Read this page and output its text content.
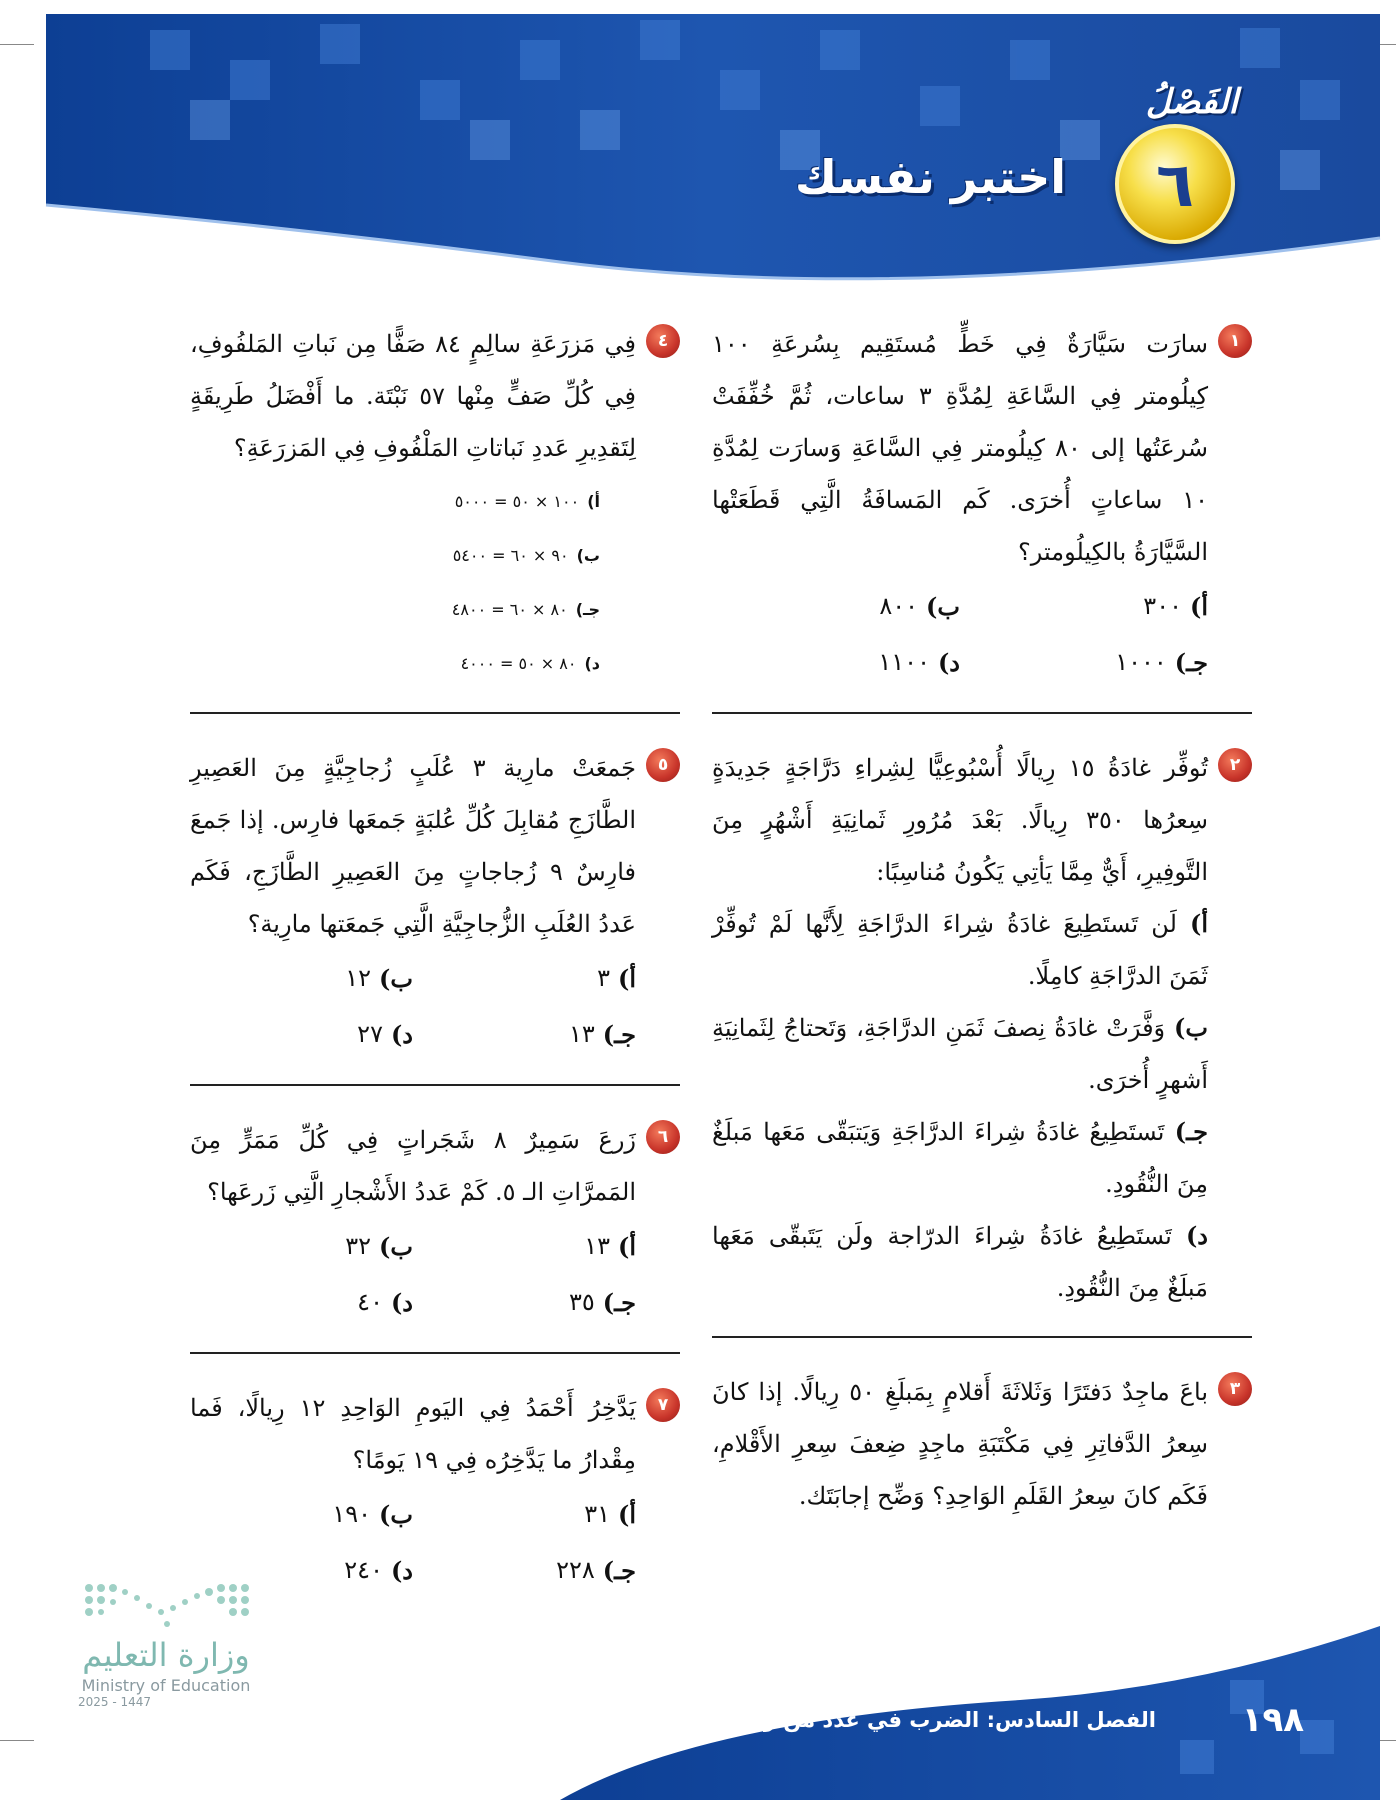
الفَصْلُ
٦
اختبر نفسك
١
سارَت سَيَّارَةٌ فِي خَطٍّ مُستَقِيم بِسُرعَةِ ١٠٠ كِيلُومتر فِي السَّاعَةِ لِمُدَّةِ ٣ ساعات، ثُمَّ خُفِّفَتْ سُرعَتُها إلى ٨٠ كِيلُومتر فِي السَّاعَةِ وَسارَت لِمُدَّةِ ١٠ ساعاتٍ أُخرَى. كَم المَسافَةُ الَّتِي قَطَعَتْها السَّيَّارَةُ بالكِيلُومتر؟
أ)
٣٠٠
ب)
٨٠٠
جـ)
١٠٠٠
د)
١١٠٠
٢
تُوفِّر غادَةُ ١٥ رِيالًا أُسْبُوعِيًّا لِشِراءِ دَرَّاجَةٍ جَدِيدَةٍ سِعرُها ٣٥٠ رِيالًا. بَعْدَ مُرُورِ ثَمانِيَةِ أَشْهُرٍ مِنَ التَّوفِيرِ، أَيٌّ مِمَّا يَأتِي يَكُونُ مُناسِبًا:
أ) لَن تَستَطِيعَ غادَةُ شِراءَ الدرَّاجَةِ لِأَنَّها لَمْ تُوفِّرْ ثَمَنَ الدرَّاجَةِ كامِلًا.
ب) وَفَّرَتْ غادَةُ نِصفَ ثَمَنِ الدرَّاجَةِ، وَتَحتاجُ لِثَمانِيَةِ أَشهرٍ أُخرَى.
جـ) تَستَطِيعُ غادَةُ شِراءَ الدرَّاجَةِ وَيَتبَقّى مَعَها مَبلَغٌ مِنَ النُّقُودِ.
د) تَستَطِيعُ غادَةُ شِراءَ الدرّاجة ولَن يَتَبقّى مَعَها مَبلَغٌ مِنَ النُّقُودِ.
٣
باعَ ماجِدٌ دَفتَرًا وَثَلاثَةَ أَقلامٍ بِمَبلَغِ ٥٠ رِيالًا. إذا كانَ سِعرُ الدَّفاتِرِ فِي مَكْتَبَةِ ماجِدٍ ضِعفَ سِعرِ الأَقْلامِ، فَكَم كانَ سِعرُ القَلَمِ الوَاحِدِ؟ وَضِّح إجابَتَك.
٤
فِي مَزرَعَةِ سالِمٍ ٨٤ صَفًّا مِن نَباتِ المَلفُوفِ، فِي كُلِّ صَفٍّ مِنْها ٥٧ نَبْتَة. ما أَفْضَلُ طَرِيقَةٍ لِتَقدِيرِ عَددِ نَباتاتِ المَلْفُوفِ فِي المَزرَعَةِ؟
أ)
١٠٠ × ٥٠ = ٥٠٠٠
ب)
٩٠ × ٦٠ = ٥٤٠٠
جـ)
٨٠ × ٦٠ = ٤٨٠٠
د)
٨٠ × ٥٠ = ٤٠٠٠
٥
جَمعَتْ مارِية ٣ عُلَبٍ زُجاجِيَّةٍ مِنَ العَصِيرِ الطَّازَجِ مُقابِلَ كُلِّ عُلبَةٍ جَمعَها فارِس. إذا جَمعَ فارِسٌ ٩ زُجاجاتٍ مِنَ العَصِيرِ الطَّازَجِ، فَكَم عَددُ العُلَبِ الزُّجاجِيَّةِ الَّتِي جَمعَتها مارِية؟
أ)
٣
ب)
١٢
جـ)
١٣
د)
٢٧
٦
زَرعَ سَمِيرٌ ٨ شَجَراتٍ فِي كُلِّ مَمَرٍّ مِنَ المَمرَّاتِ الـ ٥. كَمْ عَددُ الأَشْجارِ الَّتِي زَرعَها؟
أ)
١٣
ب)
٣٢
جـ)
٣٥
د)
٤٠
٧
يَدَّخِرُ أَحْمَدُ فِي اليَومِ الوَاحِدِ ١٢ رِيالًا، فَما مِقْدارُ ما يَدَّخِرُه فِي ١٩ يَومًا؟
أ)
٣١
ب)
١٩٠
جـ)
٢٢٨
د)
٢٤٠
وزارة التعليم
Ministry of Education
2025 - 1447	١٩٨
الفصل السادس: الضرب في عدد من رقمين
